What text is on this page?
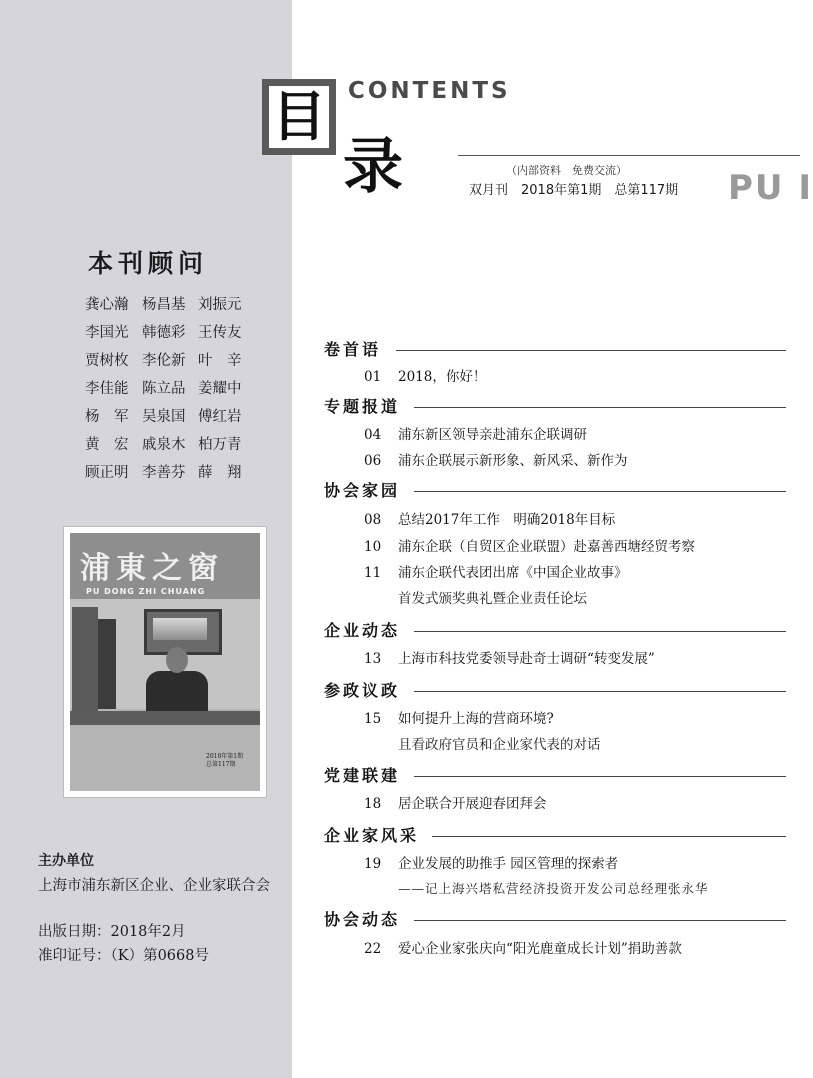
本刊顾问
龚心瀚 杨昌基 刘振元
李国光 韩德彩 王传友
贾树枚 李伦新 叶　辛
李佳能 陈立品 姜耀中
杨　军 吴泉国 傅红岩
黄　宏 戚泉木 柏万青
顾正明 李善芬 薛　翔
浦東之窗
PU DONG ZHI CHUANG
2018年第1期
总第117期
主办单位
上海市浦东新区企业、企业家联合会
出版日期：2018年2月
准印证号：（K）第0668号
目 CONTENTS
录	（内部资料　免费交流）
双月刊　2018年第1期　总第117期 PU I
卷首语
01 2018，你好！
专题报道
04 浦东新区领导亲赴浦东企联调研
06 浦东企联展示新形象、新风采、新作为
协会家园
08 总结2017年工作　明确2018年目标
10 浦东企联（自贸区企业联盟）赴嘉善西塘经贸考察
11 浦东企联代表团出席《中国企业故事》
首发式颁奖典礼暨企业责任论坛
企业动态
13 上海市科技党委领导赴奇士调研“转变发展”
参政议政
15 如何提升上海的营商环境?
且看政府官员和企业家代表的对话
党建联建
18 居企联合开展迎春团拜会
企业家风采
19 企业发展的助推手 园区管理的探索者
——记上海兴塔私营经济投资开发公司总经理张永华
协会动态
22 爱心企业家张庆向“阳光鹿童成长计划”捐助善款
